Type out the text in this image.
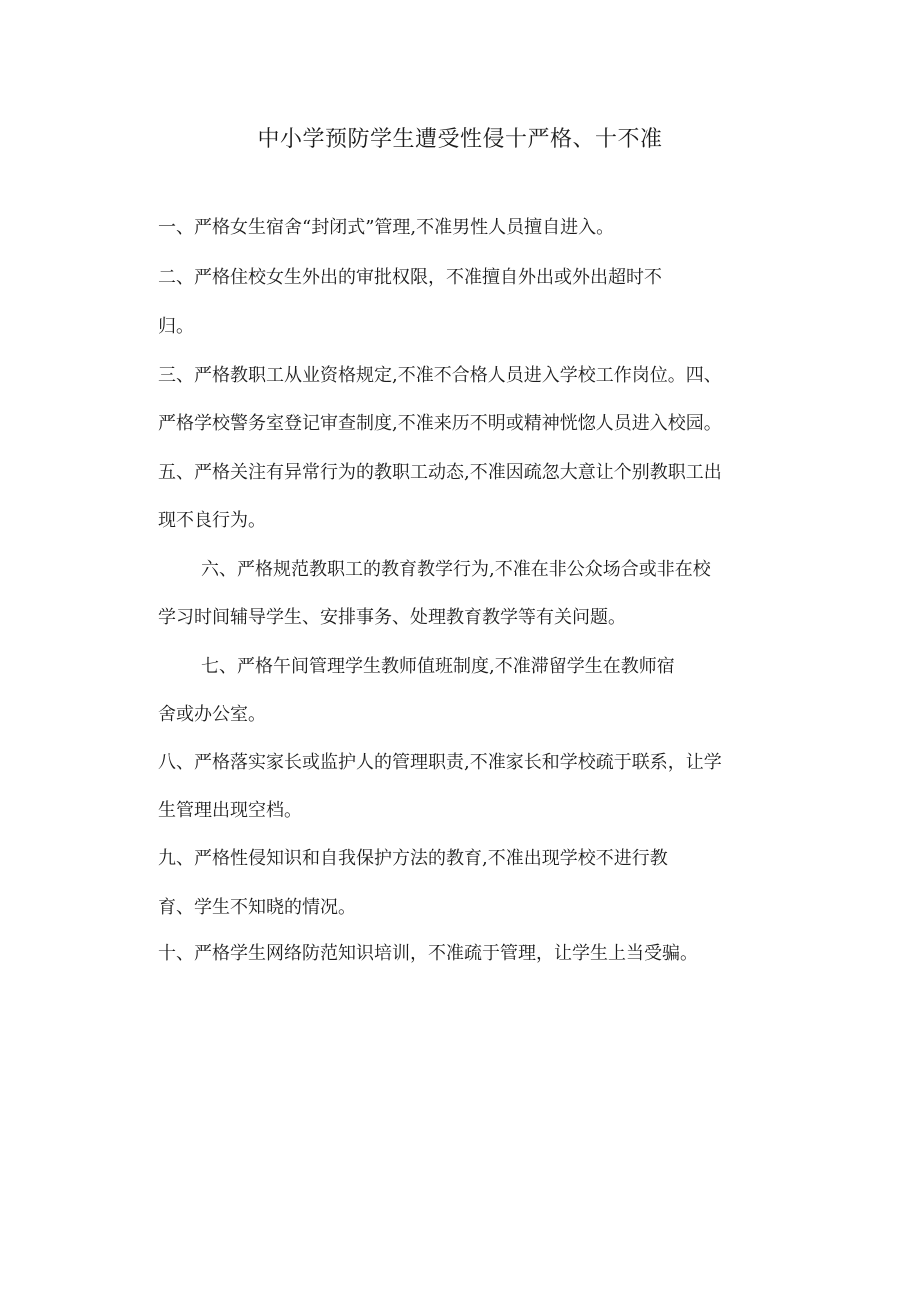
中小学预防学生遭受性侵十严格、十不准

一、严格女生宿舍“封闭式”管理,不准男性人员擅自进入。

二、严格住校女生外出的审批权限，不准擅自外出或外出超时不

归。

三、严格教职工从业资格规定,不准不合格人员进入学校工作岗位。四、

严格学校警务室登记审查制度,不准来历不明或精神恍惚人员进入校园。

五、严格关注有异常行为的教职工动态,不准因疏忽大意让个别教职工出

现不良行为。

六、严格规范教职工的教育教学行为,不准在非公众场合或非在校

学习时间辅导学生、安排事务、处理教育教学等有关问题。

七、严格午间管理学生教师值班制度,不准滞留学生在教师宿

舍或办公室。

八、严格落实家长或监护人的管理职责,不准家长和学校疏于联系，让学

生管理出现空档。

九、严格性侵知识和自我保护方法的教育,不准出现学校不进行教

育、学生不知晓的情况。

十、严格学生网络防范知识培训，不准疏于管理，让学生上当受骗。
